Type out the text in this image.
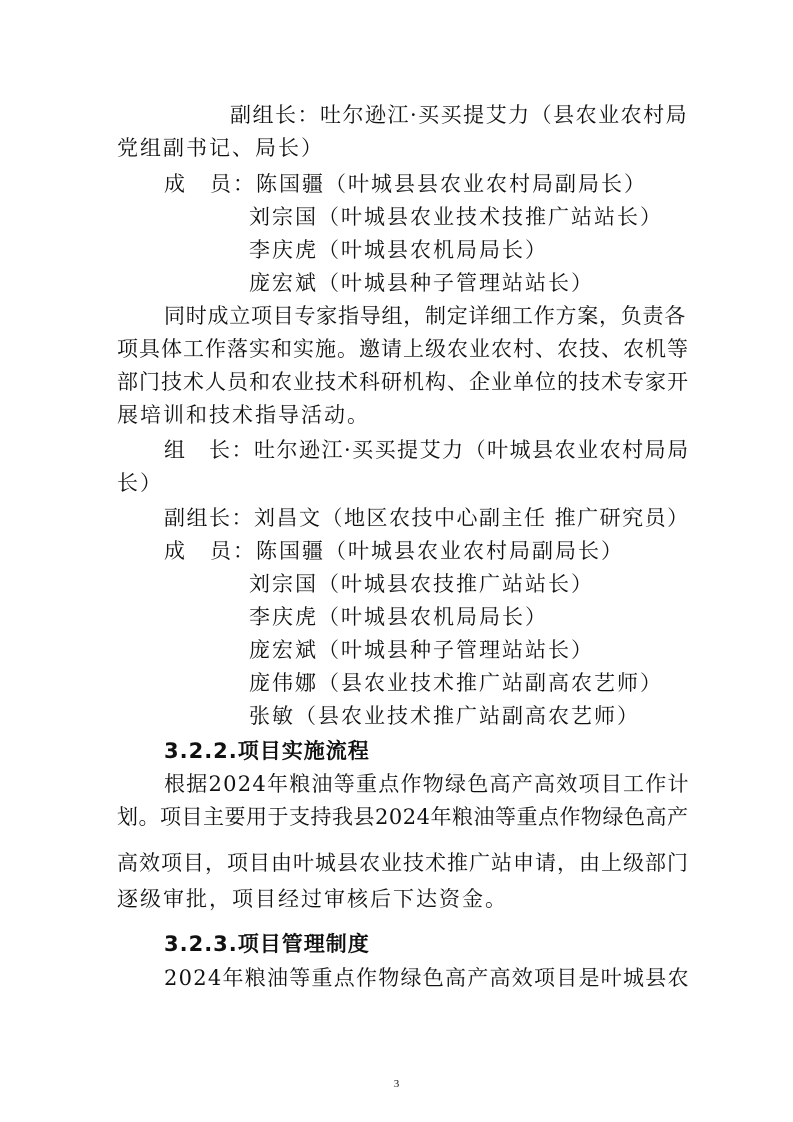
副组长：吐尔逊江·买买提艾力（县农业农村局
党组副书记、局长）
成　员：陈国疆（叶城县县农业农村局副局长）
刘宗国（叶城县农业技术技推广站站长）
李庆虎（叶城县农机局局长）
庞宏斌（叶城县种子管理站站长）
同时成立项目专家指导组，制定详细工作方案，负责各
项具体工作落实和实施。邀请上级农业农村、农技、农机等
部门技术人员和农业技术科研机构、企业单位的技术专家开
展培训和技术指导活动。
组　长：吐尔逊江·买买提艾力（叶城县农业农村局局
长）
副组长：刘昌文（地区农技中心副主任 推广研究员）
成　员：陈国疆（叶城县农业农村局副局长）
刘宗国（叶城县农技推广站站长）
李庆虎（叶城县农机局局长）
庞宏斌（叶城县种子管理站站长）
庞伟娜（县农业技术推广站副高农艺师）
张敏（县农业技术推广站副高农艺师）
3.2.2.项目实施流程
根据2024年粮油等重点作物绿色高产高效项目工作计
划。项目主要用于支持我县2024年粮油等重点作物绿色高产
高效项目，项目由叶城县农业技术推广站申请，由上级部门
逐级审批，项目经过审核后下达资金。
3.2.3.项目管理制度
2024年粮油等重点作物绿色高产高效项目是叶城县农
3
